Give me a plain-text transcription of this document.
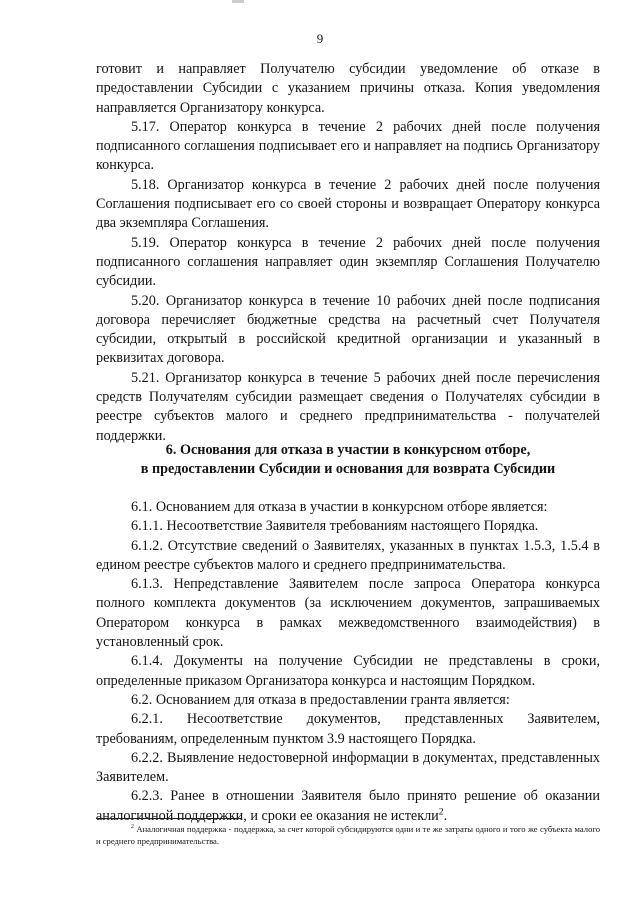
9

готовит и направляет Получателю субсидии уведомление об отказе в предоставлении Субсидии с указанием причины отказа. Копия уведомления направляется Организатору конкурса.

5.17. Оператор конкурса в течение 2 рабочих дней после получения подписанного соглашения подписывает его и направляет на подпись Организатору конкурса.

5.18. Организатор конкурса в течение 2 рабочих дней после получения Соглашения подписывает его со своей стороны и возвращает Оператору конкурса два экземпляра Соглашения.

5.19. Оператор конкурса в течение 2 рабочих дней после получения подписанного соглашения направляет один экземпляр Соглашения Получателю субсидии.

5.20. Организатор конкурса в течение 10 рабочих дней после подписания договора перечисляет бюджетные средства на расчетный счет Получателя субсидии, открытый в российской кредитной организации и указанный в реквизитах договора.

5.21. Организатор конкурса в течение 5 рабочих дней после перечисления средств Получателям субсидии размещает сведения о Получателях субсидии в реестре субъектов малого и среднего предпринимательства - получателей поддержки.

6. Основания для отказа в участии в конкурсном отборе,
в предоставлении Субсидии и основания для возврата Субсидии

6.1. Основанием для отказа в участии в конкурсном отборе является:

6.1.1. Несоответствие Заявителя требованиям настоящего Порядка.

6.1.2. Отсутствие сведений о Заявителях, указанных в пунктах 1.5.3, 1.5.4 в едином реестре субъектов малого и среднего предпринимательства.

6.1.3. Непредставление Заявителем после запроса Оператора конкурса полного комплекта документов (за исключением документов, запрашиваемых Оператором конкурса в рамках межведомственного взаимодействия) в установленный срок.

6.1.4. Документы на получение Субсидии не представлены в сроки, определенные приказом Организатора конкурса и настоящим Порядком.

6.2. Основанием для отказа в предоставлении гранта является:

6.2.1. Несоответствие документов, представленных Заявителем, требованиям, определенным пунктом 3.9 настоящего Порядка.

6.2.2. Выявление недостоверной информации в документах, представленных Заявителем.

6.2.3. Ранее в отношении Заявителя было принято решение об оказании аналогичной поддержки, и сроки ее оказания не истекли$^2$.

$^2$ Аналогичная поддержка - поддержка, за счет которой субсидируются одни и те же затраты одного и того же субъекта малого и среднего предпринимательства.
